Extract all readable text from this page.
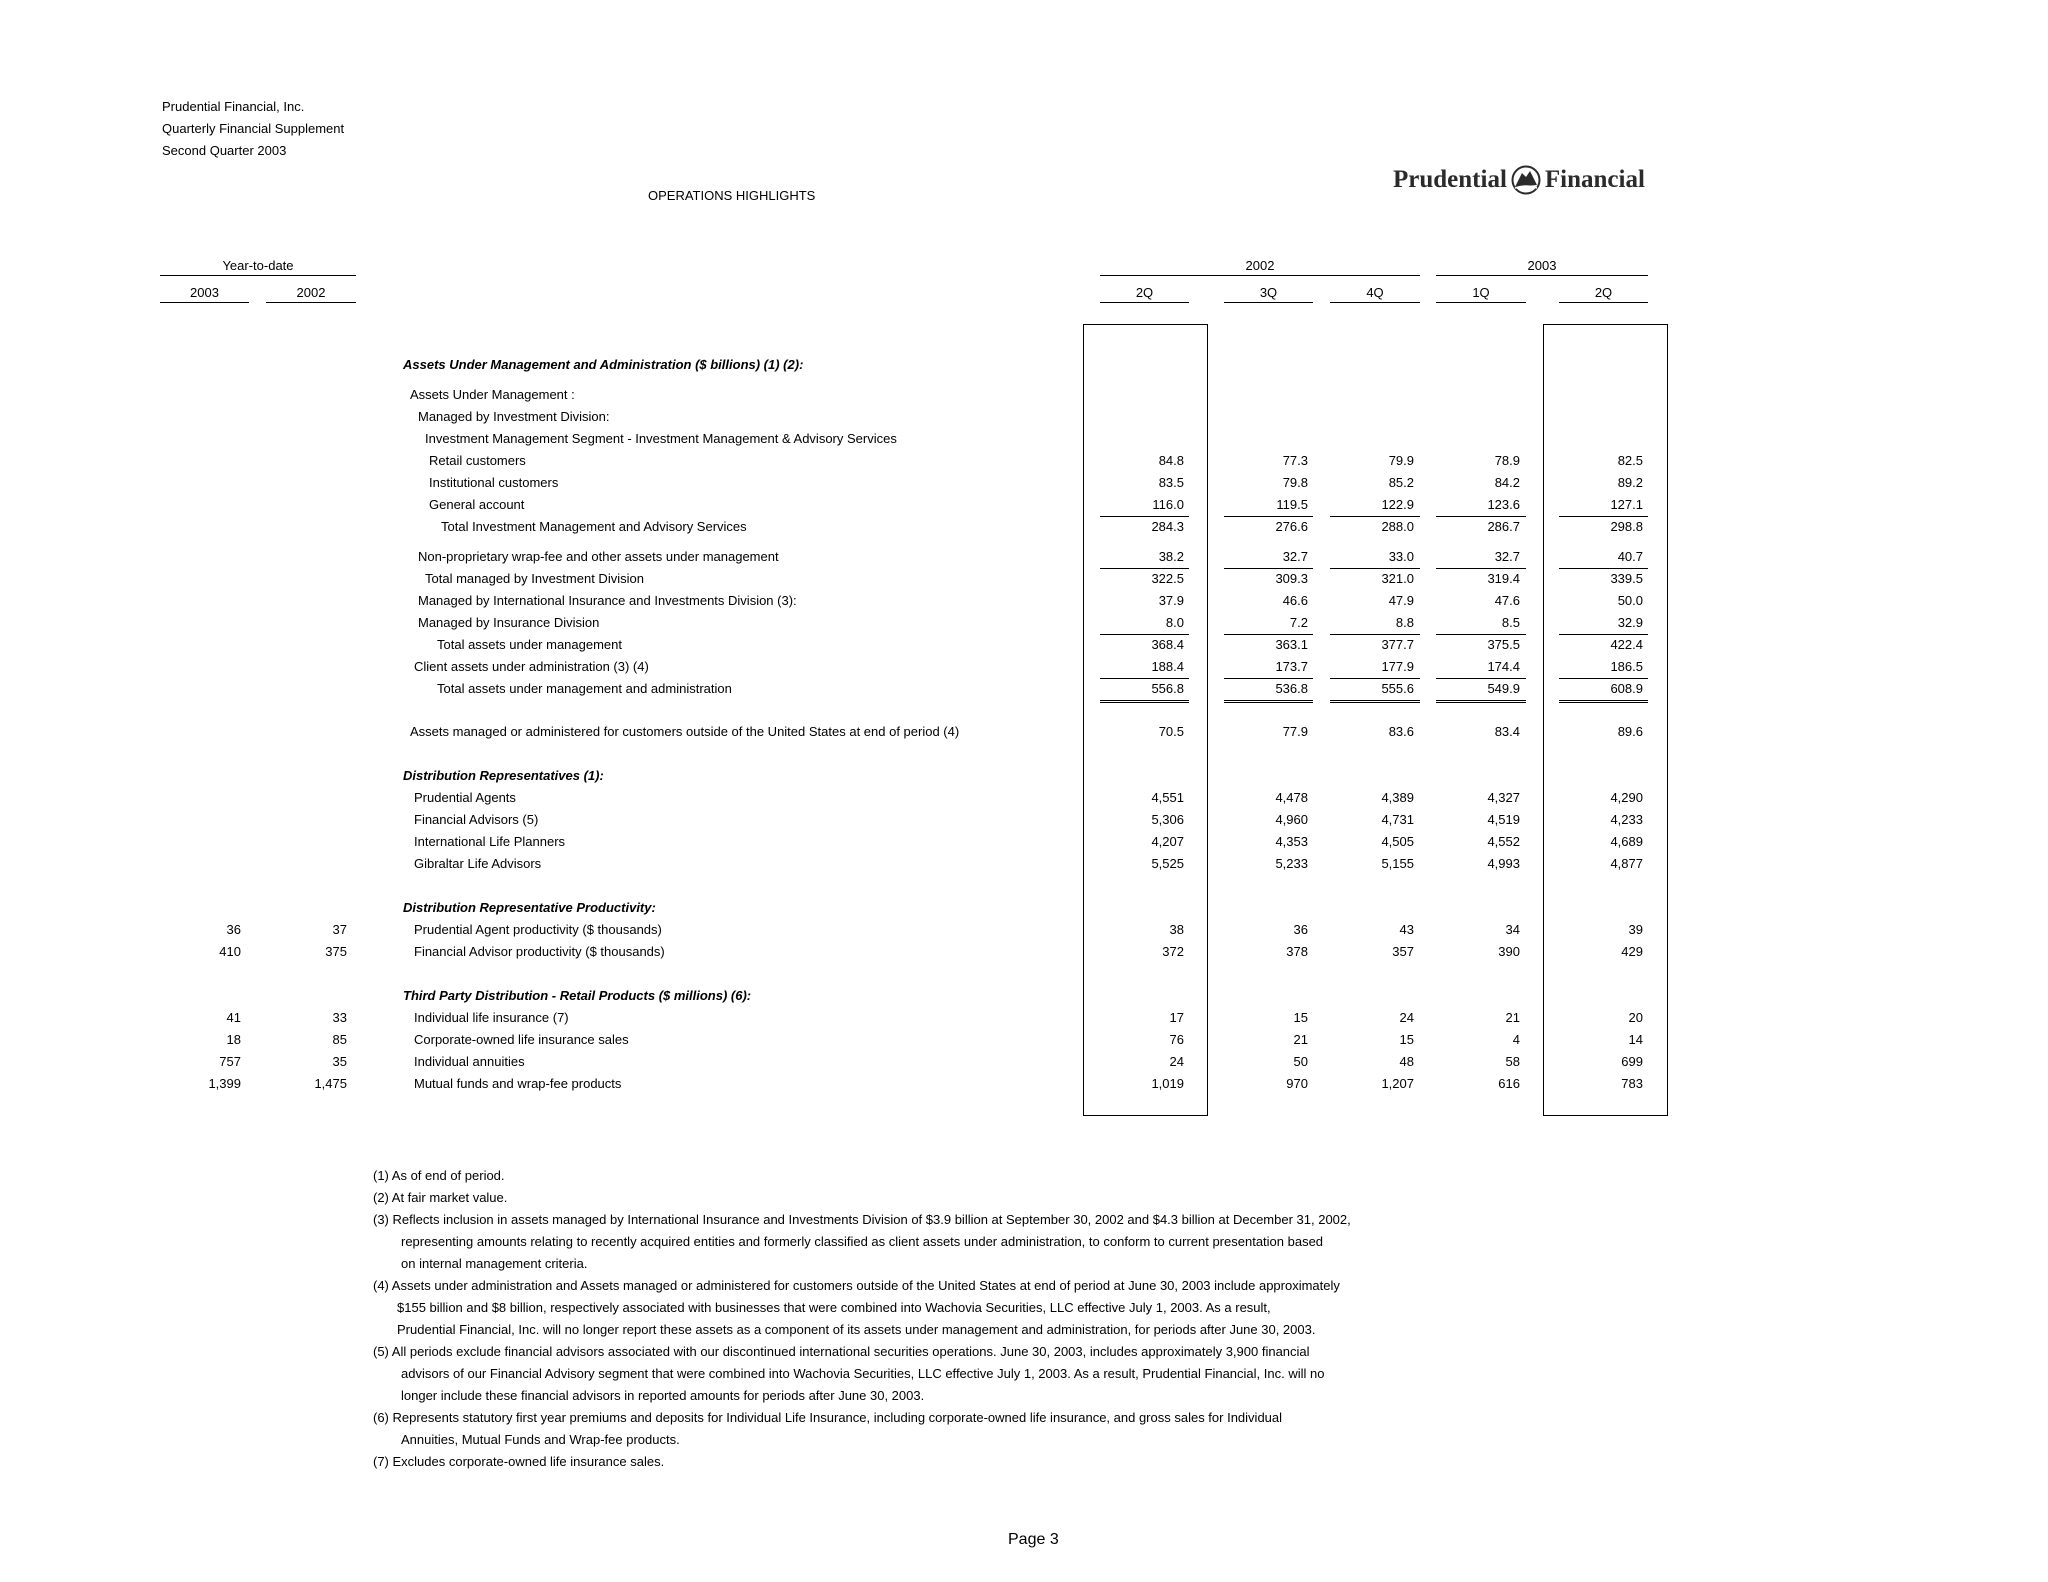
Prudential Financial, Inc.
Quarterly Financial Supplement
Second Quarter 2003
OPERATIONS HIGHLIGHTS
Prudential Financial
Year-to-date
2003	2002
2002	2003
2Q	3Q	4Q	1Q	2Q
Assets Under Management and Administration ($ billions) (1) (2):
Assets Under Management :
Managed by Investment Division:
Investment Management Segment - Investment Management & Advisory Services
Retail customers	84.8	77.3	79.9	78.9	82.5
Institutional customers	83.5	79.8	85.2	84.2	89.2
General account	116.0	119.5	122.9	123.6	127.1
Total Investment Management and Advisory Services	284.3	276.6	288.0	286.7	298.8
Non-proprietary wrap-fee and other assets under management	38.2	32.7	33.0	32.7	40.7
Total managed by Investment Division	322.5	309.3	321.0	319.4	339.5
Managed by International Insurance and Investments Division (3):	37.9	46.6	47.9	47.6	50.0
Managed by Insurance Division	8.0	7.2	8.8	8.5	32.9
Total assets under management	368.4	363.1	377.7	375.5	422.4
Client assets under administration (3) (4)	188.4	173.7	177.9	174.4	186.5
Total assets under management and administration	556.8	536.8	555.6	549.9	608.9
Assets managed or administered for customers outside of the United States at end of period (4)	70.5	77.9	83.6	83.4	89.6
Distribution Representatives (1):
Prudential Agents	4,551	4,478	4,389	4,327	4,290
Financial Advisors (5)	5,306	4,960	4,731	4,519	4,233
International Life Planners	4,207	4,353	4,505	4,552	4,689
Gibraltar Life Advisors	5,525	5,233	5,155	4,993	4,877
Distribution Representative Productivity:
36	37	Prudential Agent productivity ($ thousands)	38	36	43	34	39
410	375	Financial Advisor productivity ($ thousands)	372	378	357	390	429
Third Party Distribution - Retail Products ($ millions) (6):
41	33	Individual life insurance (7)	17	15	24	21	20
18	85	Corporate-owned life insurance sales	76	21	15	4	14
757	35	Individual annuities	24	50	48	58	699
1,399	1,475	Mutual funds and wrap-fee products	1,019	970	1,207	616	783
(1) As of end of period.
(2) At fair market value.
(3) Reflects inclusion in assets managed by International Insurance and Investments Division of $3.9 billion at September 30, 2002 and $4.3 billion at December 31, 2002,
representing amounts relating to recently acquired entities and formerly classified as client assets under administration, to conform to current presentation based
on internal management criteria.
(4) Assets under administration and Assets managed or administered for customers outside of the United States at end of period at June 30, 2003 include approximately
$155 billion and $8 billion, respectively associated with businesses that were combined into Wachovia Securities, LLC effective July 1, 2003. As a result,
Prudential Financial, Inc. will no longer report these assets as a component of its assets under management and administration, for periods after June 30, 2003.
(5) All periods exclude financial advisors associated with our discontinued international securities operations. June 30, 2003, includes approximately 3,900 financial
advisors of our Financial Advisory segment that were combined into Wachovia Securities, LLC effective July 1, 2003. As a result, Prudential Financial, Inc. will no
longer include these financial advisors in reported amounts for periods after June 30, 2003.
(6) Represents statutory first year premiums and deposits for Individual Life Insurance, including corporate-owned life insurance, and gross sales for Individual
Annuities, Mutual Funds and Wrap-fee products.
(7) Excludes corporate-owned life insurance sales.
Page 3
